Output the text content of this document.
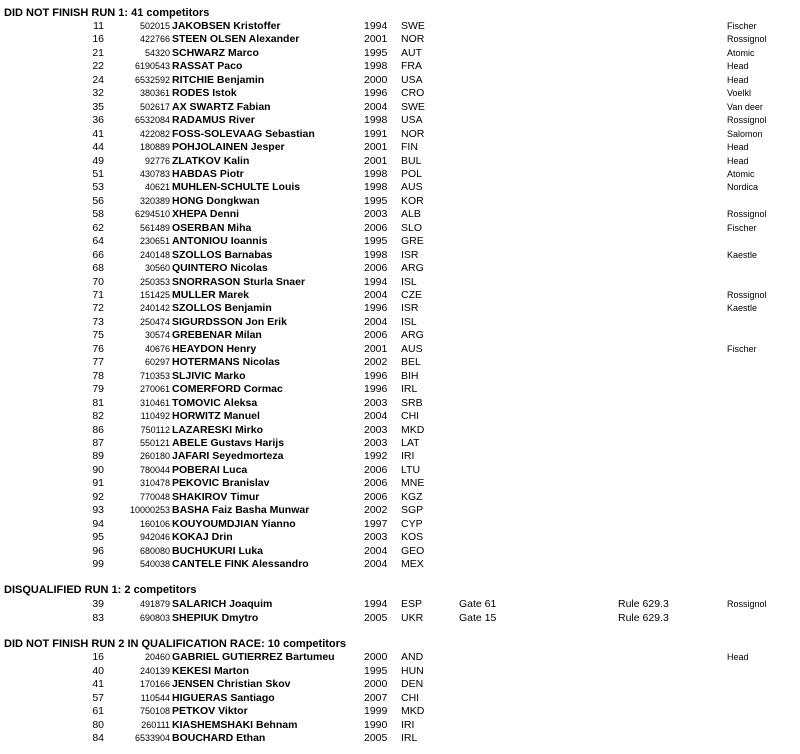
DID NOT FINISH RUN 1: 41 competitors
11	502015 JAKOBSEN Kristoffer	1994 SWE	Fischer
16	422766 STEEN OLSEN Alexander	2001 NOR	Rossignol
21	54320 SCHWARZ Marco	1995 AUT	Atomic
22	6190543 RASSAT Paco	1998 FRA	Head
24	6532592 RITCHIE Benjamin	2000 USA	Head
32	380361 RODES Istok	1996 CRO	Voelkl
35	502617 AX SWARTZ Fabian	2004 SWE	Van deer
36	6532084 RADAMUS River	1998 USA	Rossignol
41	422082 FOSS-SOLEVAAG Sebastian	1991 NOR	Salomon
44	180889 POHJOLAINEN Jesper	2001 FIN	Head
49	92776 ZLATKOV Kalin	2001 BUL	Head
51	430783 HABDAS Piotr	1998 POL	Atomic
53	40621 MUHLEN-SCHULTE Louis	1998 AUS	Nordica
56	320389 HONG Dongkwan	1995 KOR
58	6294510 XHEPA Denni	2003 ALB	Rossignol
62	561489 OSERBAN Miha	2006 SLO	Fischer
64	230651 ANTONIOU Ioannis	1995 GRE
66	240148 SZOLLOS Barnabas	1998 ISR	Kaestle
68	30560 QUINTERO Nicolas	2006 ARG
70	250353 SNORRASON Sturla Snaer	1994 ISL
71	151425 MULLER Marek	2004 CZE	Rossignol
72	240142 SZOLLOS Benjamin	1996 ISR	Kaestle
73	250474 SIGURDSSON Jon Erik	2004 ISL
75	30574 GREBENAR Milan	2006 ARG
76	40676 HEAYDON Henry	2001 AUS	Fischer
77	60297 HOTERMANS Nicolas	2002 BEL
78	710353 SLJIVIC Marko	1996 BIH
79	270061 COMERFORD Cormac	1996 IRL
81	310461 TOMOVIC Aleksa	2003 SRB
82	110492 HORWITZ Manuel	2004 CHI
86	750112 LAZARESKI Mirko	2003 MKD
87	550121 ABELE Gustavs Harijs	2003 LAT
89	260180 JAFARI Seyedmorteza	1992 IRI
90	780044 POBERAI Luca	2006 LTU
91	310478 PEKOVIC Branislav	2006 MNE
92	770048 SHAKIROV Timur	2006 KGZ
93	10000253 BASHA Faiz Basha Munwar	2002 SGP
94	160106 KOUYOUMDJIAN Yianno	1997 CYP
95	942046 KOKAJ Drin	2003 KOS
96	680080 BUCHUKURI Luka	2004 GEO
99	540038 CANTELE FINK Alessandro	2004 MEX
DISQUALIFIED RUN 1: 2 competitors
39	491879 SALARICH Joaquim	1994 ESP	Gate 61	Rule 629.3	Rossignol
83	690803 SHEPIUK Dmytro	2005 UKR	Gate 15	Rule 629.3
DID NOT FINISH RUN 2 IN QUALIFICATION RACE: 10 competitors
16	20460 GABRIEL GUTIERREZ Bartumeu	2000 AND	Head
40	240139 KEKESI Marton	1995 HUN
41	170166 JENSEN Christian Skov	2000 DEN
57	110544 HIGUERAS Santiago	2007 CHI
61	750108 PETKOV Viktor	1999 MKD
80	260111 KIASHEMSHAKI Behnam	1990 IRI
84	6533904 BOUCHARD Ethan	2005 IRL
